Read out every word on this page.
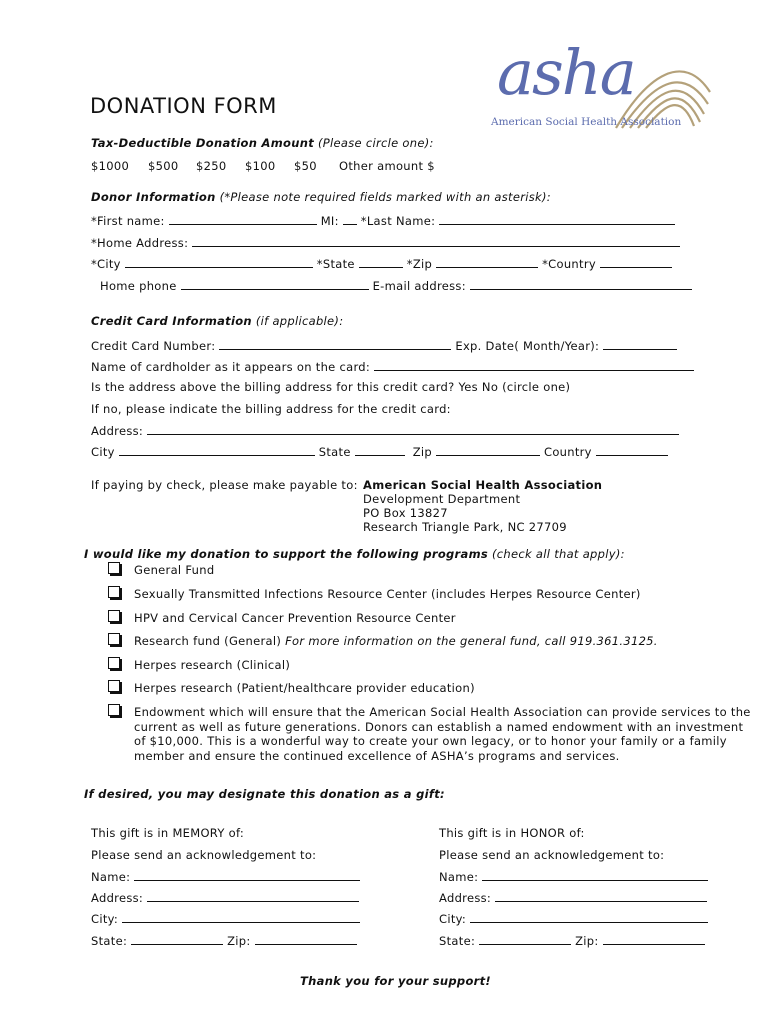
asha
American Social Health Association
DONATION FORM
Tax-Deductible Donation Amount (Please circle one):
$1000 $500 $250 $100 $50 Other amount $
Donor Information (*Please note required fields marked with an asterisk):
*First name:	MI: *Last Name:
*Home Address:
*City	*State	*Zip	*Country
Home phone	E-mail address:
Credit Card Information (if applicable):
Credit Card Number:	Exp. Date( Month/Year):
Name of cardholder as it appears on the card:
Is the address above the billing address for this credit card? Yes No (circle one)
If no, please indicate the billing address for the credit card:
Address:
City	State	Zip	Country
If paying by check, please make payable to: American Social Health Association
Development Department
PO Box 13827
Research Triangle Park, NC 27709
I would like my donation to support the following programs (check all that apply):
General Fund
Sexually Transmitted Infections Resource Center (includes Herpes Resource Center)
HPV and Cervical Cancer Prevention Resource Center
Research fund (General) For more information on the general fund, call 919.361.3125.
Herpes research (Clinical)
Herpes research (Patient/healthcare provider education)
Endowment which will ensure that the American Social Health Association can provide services to the
current as well as future generations. Donors can establish a named endowment with an investment
of $10,000. This is a wonderful way to create your own legacy, or to honor your family or a family
member and ensure the continued excellence of ASHA’s programs and services.
If desired, you may designate this donation as a gift:
This gift is in MEMORY of:
Please send an acknowledgement to:
Name:
Address:
City:
State:	Zip:
This gift is in HONOR of:
Please send an acknowledgement to:
Name:
Address:
City:
State:	Zip:
Thank you for your support!
